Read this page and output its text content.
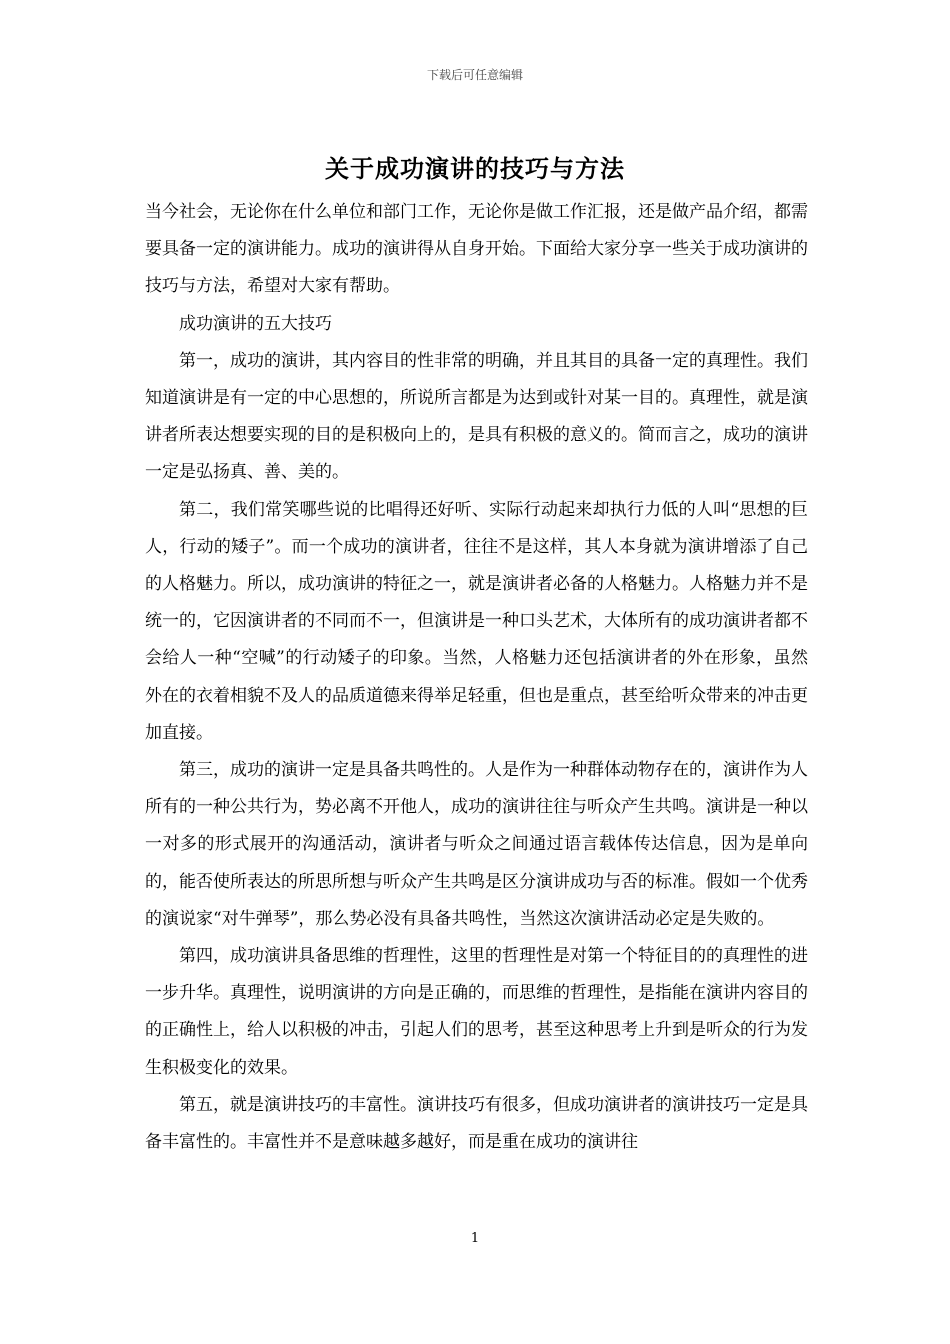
下载后可任意编辑
关于成功演讲的技巧与方法

当今社会，无论你在什么单位和部门工作，无论你是做工作汇报，还是做产品介绍，都需要具备一定的演讲能力。成功的演讲得从自身开始。下面给大家分享一些关于成功演讲的技巧与方法，希望对大家有帮助。

成功演讲的五大技巧

第一，成功的演讲，其内容目的性非常的明确，并且其目的具备一定的真理性。我们知道演讲是有一定的中心思想的，所说所言都是为达到或针对某一目的。真理性，就是演讲者所表达想要实现的目的是积极向上的，是具有积极的意义的。简而言之，成功的演讲一定是弘扬真、善、美的。

第二，我们常笑哪些说的比唱得还好听、实际行动起来却执行力低的人叫“思想的巨人，行动的矮子”。而一个成功的演讲者，往往不是这样，其人本身就为演讲增添了自己的人格魅力。所以，成功演讲的特征之一，就是演讲者必备的人格魅力。人格魅力并不是统一的，它因演讲者的不同而不一，但演讲是一种口头艺术，大体所有的成功演讲者都不会给人一种“空喊”的行动矮子的印象。当然，人格魅力还包括演讲者的外在形象，虽然外在的衣着相貌不及人的品质道德来得举足轻重，但也是重点，甚至给听众带来的冲击更加直接。

第三，成功的演讲一定是具备共鸣性的。人是作为一种群体动物存在的，演讲作为人所有的一种公共行为，势必离不开他人，成功的演讲往往与听众产生共鸣。演讲是一种以一对多的形式展开的沟通活动，演讲者与听众之间通过语言载体传达信息，因为是单向的，能否使所表达的所思所想与听众产生共鸣是区分演讲成功与否的标准。假如一个优秀的演说家“对牛弹琴”，那么势必没有具备共鸣性，当然这次演讲活动必定是失败的。

第四，成功演讲具备思维的哲理性，这里的哲理性是对第一个特征目的的真理性的进一步升华。真理性，说明演讲的方向是正确的，而思维的哲理性，是指能在演讲内容目的的正确性上，给人以积极的冲击，引起人们的思考，甚至这种思考上升到是听众的行为发生积极变化的效果。

第五，就是演讲技巧的丰富性。演讲技巧有很多，但成功演讲者的演讲技巧一定是具备丰富性的。丰富性并不是意味越多越好，而是重在成功的演讲往

1
